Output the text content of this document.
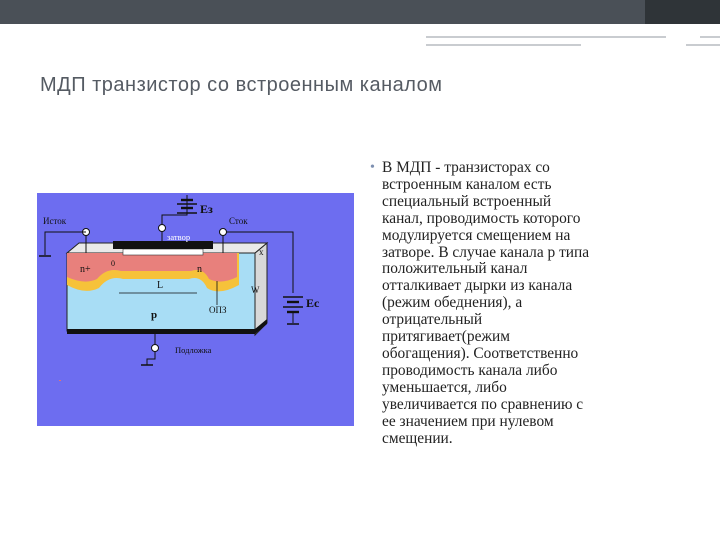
МДП транзистор со встроенным каналом
Eз
Ec
Исток	Сток
затвор
Подложка
n+
0
n
x
L
p	ОПЗ
W
• В МДП - транзисторах со
встроенным каналом есть
специальный встроенный
канал, проводимость которого
модулируется смещением на
затворе. В случае канала p типа
положительный канал
отталкивает дырки из канала
(режим обеднения), а
отрицательный
притягивает(режим
обогащения). Соответственно
проводимость канала либо
уменьшается, либо
увеличивается по сравнению с
ее значением при нулевом
смещении.
